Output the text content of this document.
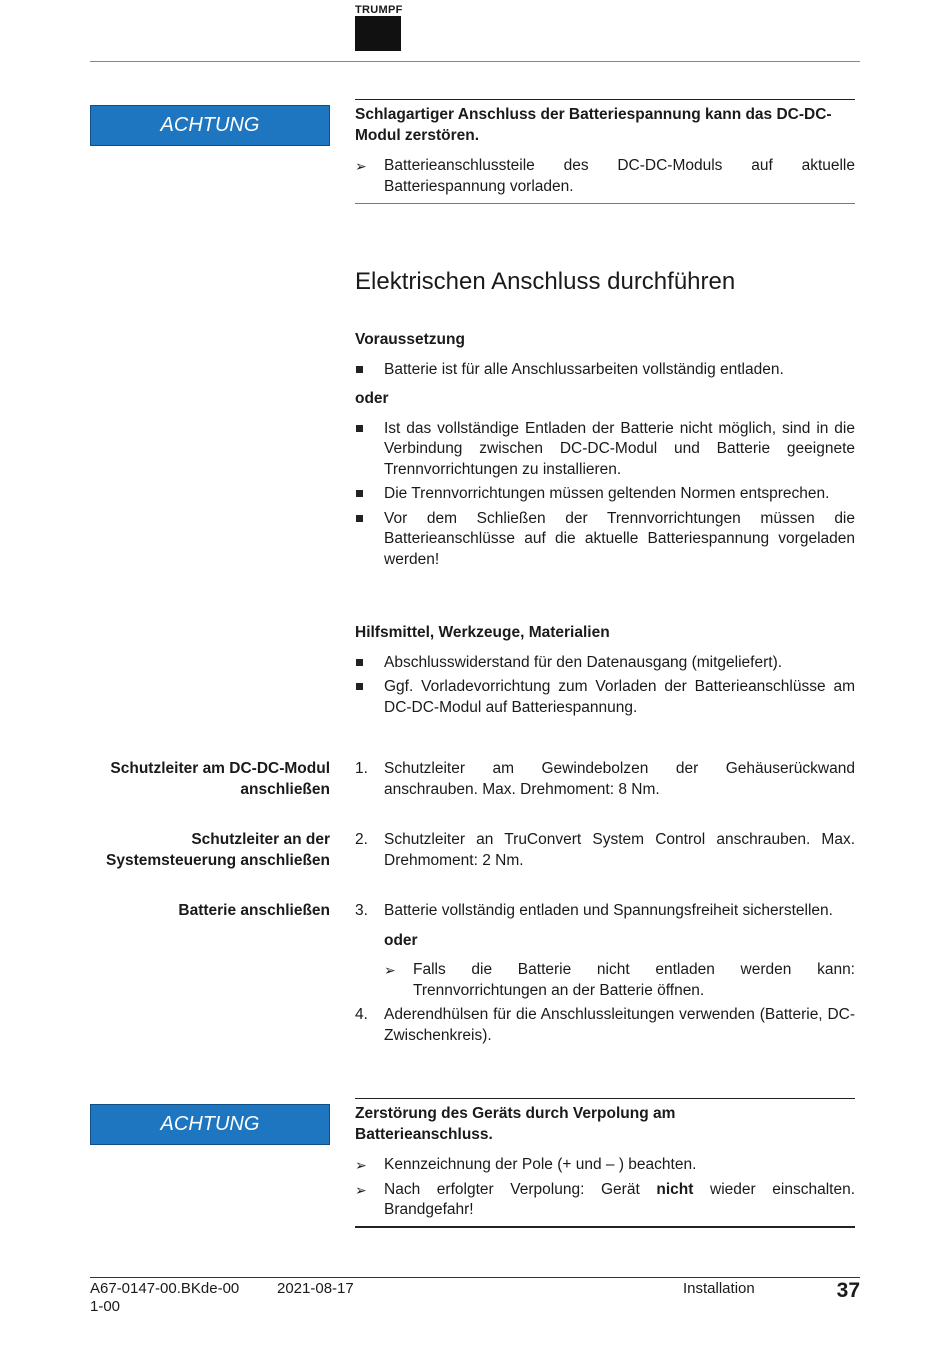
TRUMPF
ACHTUNG	Schlagartiger Anschluss der Batteriespannung kann das DC-DC-Modul zerstören.
➢ Batterieanschlussteile des DC-DC-Moduls auf aktuelle Batteriespannung vorladen.
Elektrischen Anschluss durchführen
Voraussetzung
Batterie ist für alle Anschlussarbeiten vollständig entladen.
oder
Ist das vollständige Entladen der Batterie nicht möglich, sind in die Verbindung zwischen DC-DC-Modul und Batterie geeignete Trennvorrichtungen zu installieren.
Die Trennvorrichtungen müssen geltenden Normen entsprechen.
Vor dem Schließen der Trennvorrichtungen müssen die Batterieanschlüsse auf die aktuelle Batteriespannung vorgeladen werden!
Hilfsmittel, Werkzeuge, Materialien
Abschlusswiderstand für den Datenausgang (mitgeliefert).
Ggf. Vorladevorrichtung zum Vorladen der Batterieanschlüsse am DC-DC-Modul auf Batteriespannung.
Schutzleiter am DC-DC-Modul anschließen
1. Schutzleiter am Gewindebolzen der Gehäuserückwand anschrauben. Max. Drehmoment: 8 Nm.
Schutzleiter an der Systemsteuerung anschließen
2. Schutzleiter an TruConvert System Control anschrauben. Max. Drehmoment: 2 Nm.
Batterie anschließen 3. Batterie vollständig entladen und Spannungsfreiheit sicherstellen.
oder
➢ Falls die Batterie nicht entladen werden kann: Trennvorrichtungen an der Batterie öffnen.
4. Aderendhülsen für die Anschlussleitungen verwenden (Batterie, DC-Zwischenkreis).
ACHTUNG	Zerstörung des Geräts durch Verpolung am Batterieanschluss.
➢ Kennzeichnung der Pole (+ und – ) beachten.
➢ Nach erfolgter Verpolung: Gerät nicht wieder einschalten. Brandgefahr!
A67-0147-00.BKde-001-00
2021-08-17	Installation	37
